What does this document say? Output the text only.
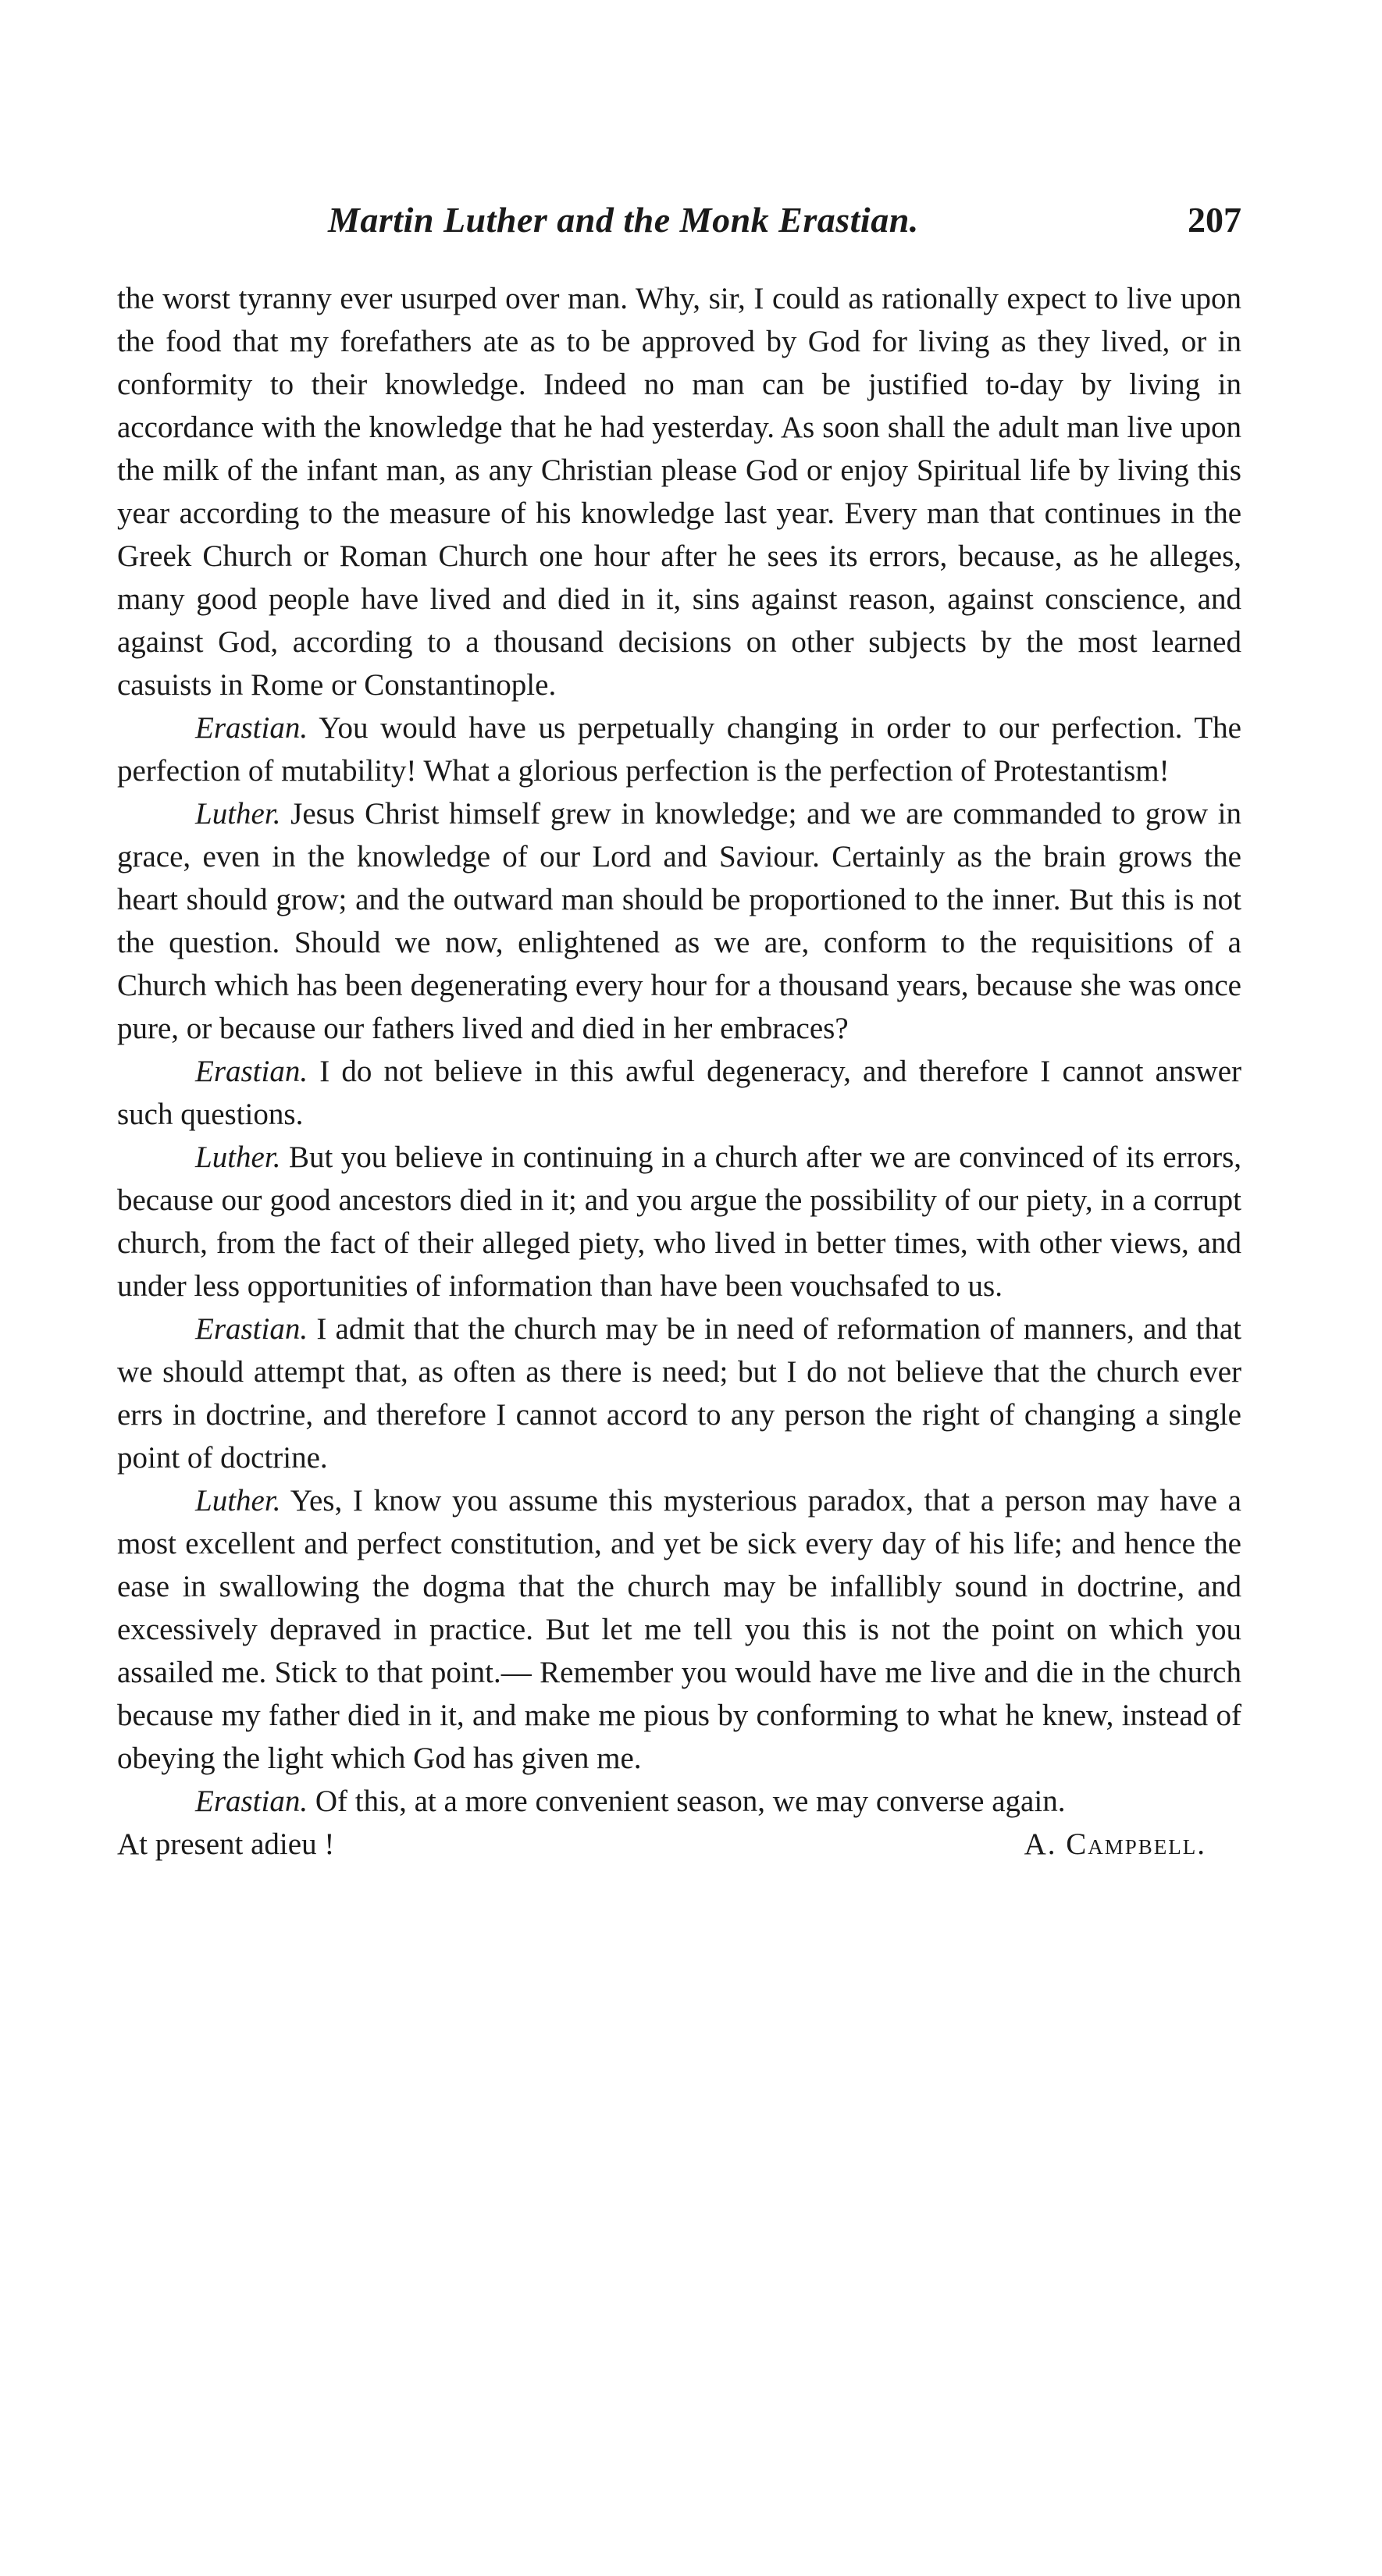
Martin Luther and the Monk Erastian.	207

the worst tyranny ever usurped over man. Why, sir, I could as rationally expect to live upon the food that my forefathers ate as to be approved by God for living as they lived, or in conformity to their knowledge. Indeed no man can be justified to-day by living in accordance with the knowledge that he had yesterday. As soon shall the adult man live upon the milk of the infant man, as any Christian please God or enjoy Spiritual life by living this year according to the measure of his knowledge last year. Every man that continues in the Greek Church or Roman Church one hour after he sees its errors, because, as he alleges, many good people have lived and died in it, sins against reason, against conscience, and against God, according to a thousand decisions on other subjects by the most learned casuists in Rome or Constantinople.

Erastian. You would have us perpetually changing in order to our perfection. The perfection of mutability! What a glorious perfection is the perfection of Protestantism!

Luther. Jesus Christ himself grew in knowledge; and we are commanded to grow in grace, even in the knowledge of our Lord and Saviour. Certainly as the brain grows the heart should grow; and the outward man should be proportioned to the inner. But this is not the question. Should we now, enlightened as we are, conform to the requisitions of a Church which has been degenerating every hour for a thousand years, because she was once pure, or because our fathers lived and died in her embraces?

Erastian. I do not believe in this awful degeneracy, and therefore I cannot answer such questions.

Luther. But you believe in continuing in a church after we are convinced of its errors, because our good ancestors died in it; and you argue the possibility of our piety, in a corrupt church, from the fact of their alleged piety, who lived in better times, with other views, and under less opportunities of information than have been vouchsafed to us.

Erastian. I admit that the church may be in need of reformation of manners, and that we should attempt that, as often as there is need; but I do not believe that the church ever errs in doctrine, and therefore I cannot accord to any person the right of changing a single point of doctrine.

Luther. Yes, I know you assume this mysterious paradox, that a person may have a most excellent and perfect constitution, and yet be sick every day of his life; and hence the ease in swallowing the dogma that the church may be infallibly sound in doctrine, and excessively depraved in practice. But let me tell you this is not the point on which you assailed me. Stick to that point.— Remember you would have me live and die in the church because my father died in it, and make me pious by conforming to what he knew, instead of obeying the light which God has given me.

Erastian. Of this, at a more convenient season, we may converse again.

At present adieu !	A. Campbell.
